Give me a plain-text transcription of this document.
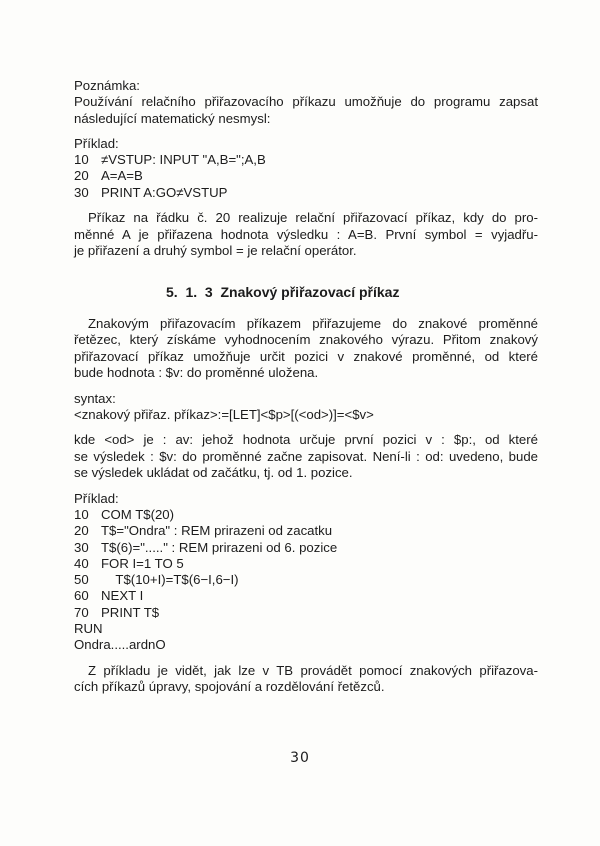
Poznámka:
Používání relačního přiřazovacího příkazu umožňuje do programu zapsat
následující matematický nesmysl:
Příklad:
10 ≠VSTUP: INPUT "A,B=";A,B
20 A=A=B
30 PRINT A:GO≠VSTUP
Příkaz na řádku č. 20 realizuje relační přiřazovací příkaz, kdy do pro-
měnné A je přiřazena hodnota výsledku : A=B. První symbol = vyjadřu-
je přiřazení a druhý symbol = je relační operátor.
5.  1.  3 Znakový přiřazovací příkaz
Znakovým přiřazovacím příkazem přiřazujeme do znakové proměnné
řetězec, který získáme vyhodnocením znakového výrazu. Přitom znakový
přiřazovací příkaz umožňuje určit pozici v znakové proměnné, od které
bude hodnota : $v: do proměnné uložena.
syntax:
<znakový přiřaz. příkaz>:=[LET]<$p>[(<od>)]=<$v>
kde <od> je : av: jehož hodnota určuje první pozici v : $p:, od které
se výsledek : $v: do proměnné začne zapisovat. Není-li : od: uvedeno, bude
se výsledek ukládat od začátku, tj. od 1. pozice.
Příklad:
10 COM T$(20)
20 T$="Ondra" : REM prirazeni od zacatku
30 T$(6)="....." : REM prirazeni od 6. pozice
40 FOR I=1 TO 5
50 T$(10+I)=T$(6−I,6−I)
60 NEXT I
70 PRINT T$
RUN
Ondra.....ardnO
Z příkladu je vidět, jak lze v TB provádět pomocí znakových přiřazova-
cích příkazů úpravy, spojování a rozdělování řetězců.
30
